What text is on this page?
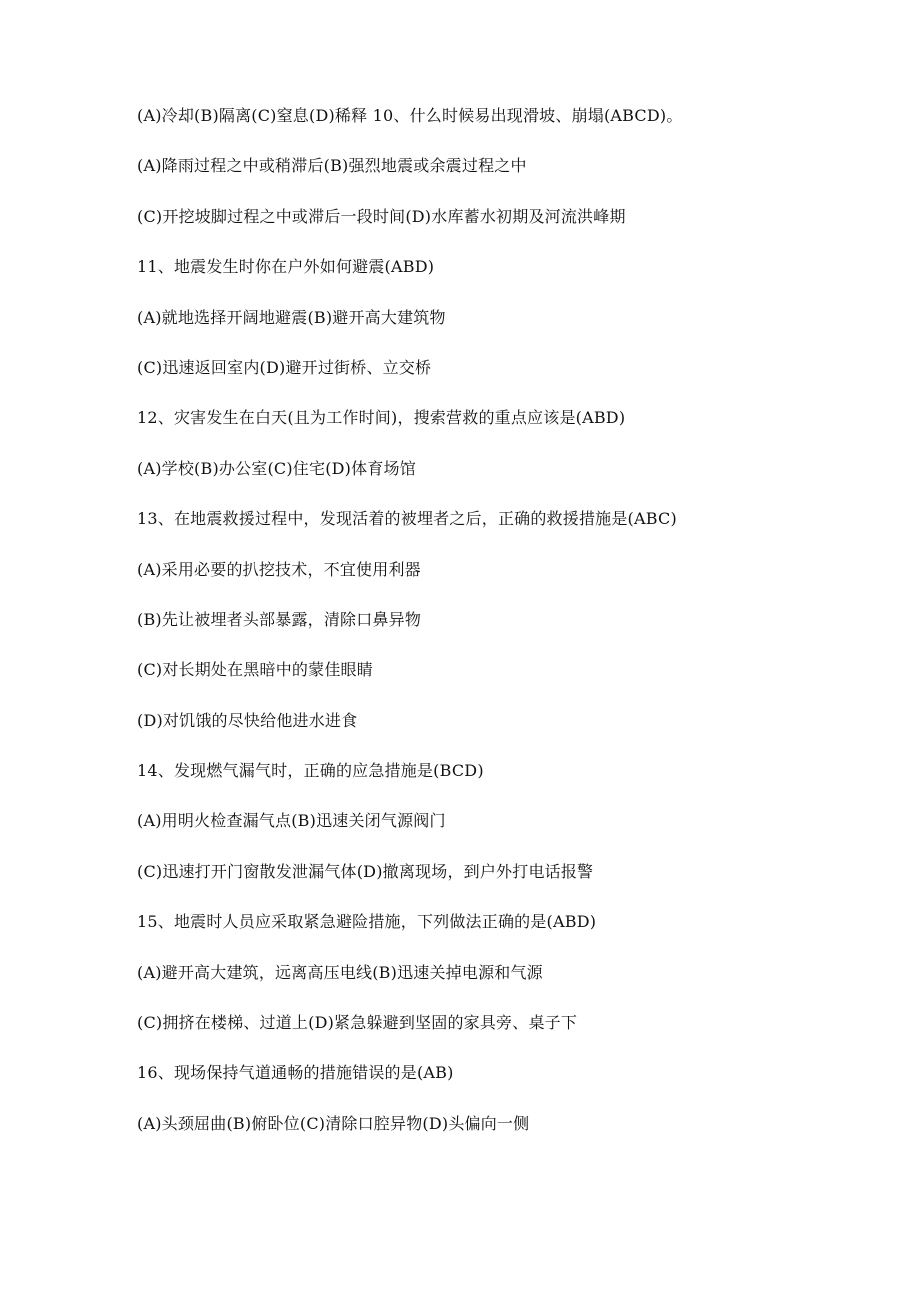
(A)冷却(B)隔离(C)窒息(D)稀释 10、什么时候易出现滑坡、崩塌(ABCD)。
(A)降雨过程之中或稍滞后(B)强烈地震或余震过程之中
(C)开挖坡脚过程之中或滞后一段时间(D)水库蓄水初期及河流洪峰期
11、地震发生时你在户外如何避震(ABD)
(A)就地选择开阔地避震(B)避开高大建筑物
(C)迅速返回室内(D)避开过街桥、立交桥
12、灾害发生在白天(且为工作时间)，搜索营救的重点应该是(ABD)
(A)学校(B)办公室(C)住宅(D)体育场馆
13、在地震救援过程中，发现活着的被埋者之后，正确的救援措施是(ABC)
(A)采用必要的扒挖技术，不宜使用利器
(B)先让被埋者头部暴露，清除口鼻异物
(C)对长期处在黑暗中的蒙佳眼睛
(D)对饥饿的尽快给他进水进食
14、发现燃气漏气时，正确的应急措施是(BCD)
(A)用明火检查漏气点(B)迅速关闭气源阀门
(C)迅速打开门窗散发泄漏气体(D)撤离现场，到户外打电话报警
15、地震时人员应采取紧急避险措施，下列做法正确的是(ABD)
(A)避开高大建筑，远离高压电线(B)迅速关掉电源和气源
(C)拥挤在楼梯、过道上(D)紧急躲避到坚固的家具旁、桌子下
16、现场保持气道通畅的措施错误的是(AB)
(A)头颈屈曲(B)俯卧位(C)清除口腔异物(D)头偏向一侧
